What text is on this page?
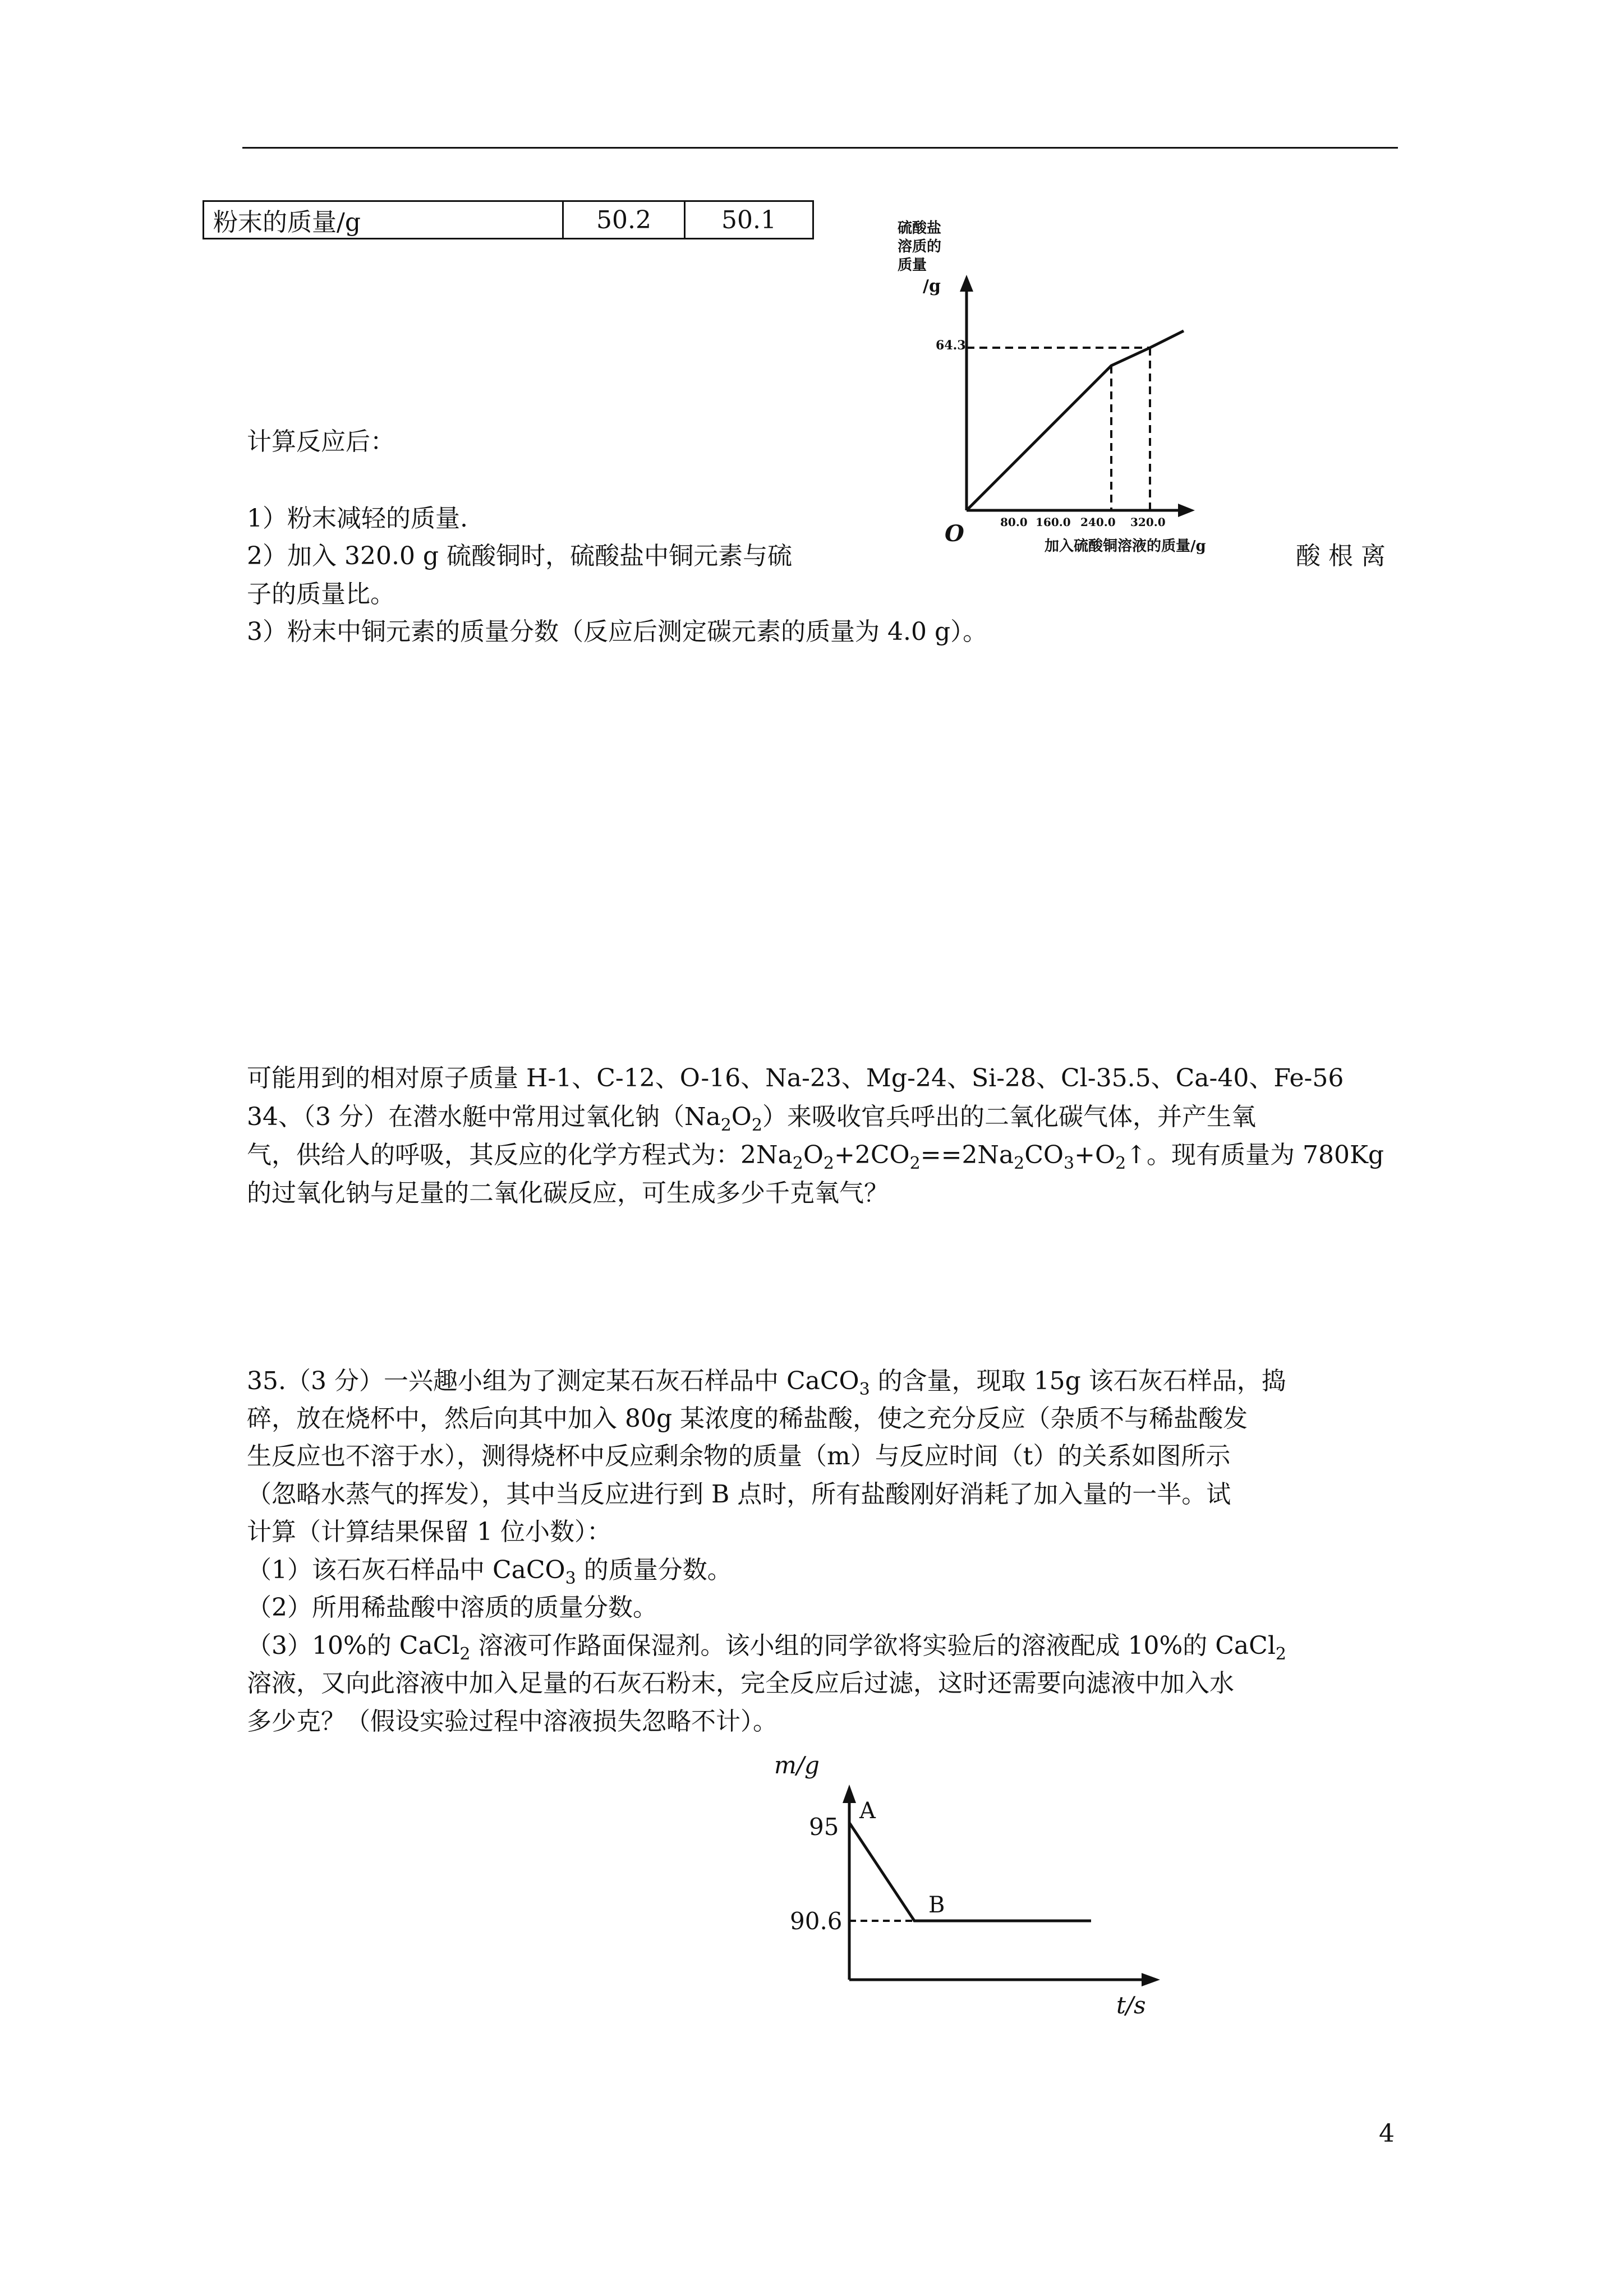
粉末的质量/g	50.2	50.1	硫酸盐
溶质的
质量
/g
64.3
80.0 160.0 240.0 320.0
O	加入硫酸铜溶液的质量/g
计算反应后：
1）粉末减轻的质量.
2）加入 320.0 g 硫酸铜时，硫酸盐中铜元素与硫	酸 根 离
子的质量比。
3）粉末中铜元素的质量分数（反应后测定碳元素的质量为 4.0 g）。
可能用到的相对原子质量 H-1、C-12、O-16、Na-23、Mg-24、Si-28、Cl-35.5、Ca-40、Fe-56
34、（3 分）在潜水艇中常用过氧化钠$(Na_2O_2)$来吸收官兵呼出的二氧化碳气体，并产生氧
气，供给人的呼吸，其反应的化学方程式为：$2Na_2O_2+2CO_2==2Na_2CO_3+O_2↑$。现有质量为 780Kg
的过氧化钠与足量的二氧化碳反应，可生成多少千克氧气？
35.（3 分）一兴趣小组为了测定某石灰石样品中 CaCO$_3$ 的含量，现取 15g 该石灰石样品，捣
碎，放在烧杯中，然后向其中加入 80g 某浓度的稀盐酸，使之充分反应（杂质不与稀盐酸发
生反应也不溶于水），测得烧杯中反应剩余物的质量（m）与反应时间（t）的关系如图所示
（忽略水蒸气的挥发），其中当反应进行到 B 点时，所有盐酸刚好消耗了加入量的一半。试
计算（计算结果保留 1 位小数）：
（1）该石灰石样品中 CaCO$_3$ 的质量分数。
（2）所用稀盐酸中溶质的质量分数。
（3）10%的 CaCl$_2$ 溶液可作路面保湿剂。该小组的同学欲将实验后的溶液配成 10%的 CaCl$_2$
溶液，又向此溶液中加入足量的石灰石粉末，完全反应后过滤，这时还需要向滤液中加入水
多少克？（假设实验过程中溶液损失忽略不计）。
m/g
95
90.6
A
B
t/s
4
